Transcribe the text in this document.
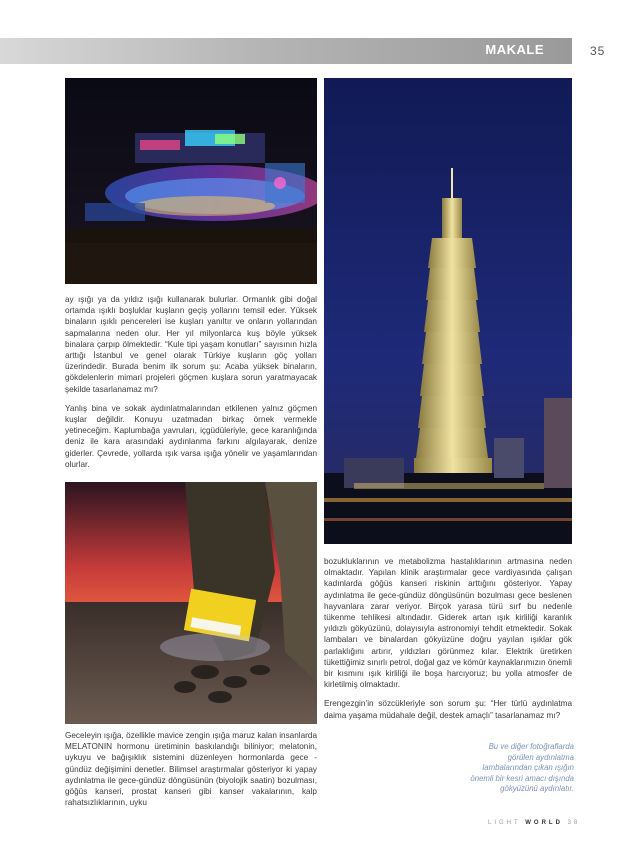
MAKALE	35

ay ışığı ya da yıldız ışığı kullanarak bulurlar. Ormanlık gibi doğal ortamda ışıklı boşluklar kuşların geçiş yollarını temsil eder. Yüksek binaların ışıklı pencereleri ise kuşları yanıltır ve onların yollarından sapmalarına neden olur. Her yıl milyonlarca kuş böyle yüksek binalara çarpıp ölmektedir. “Kule tipi yaşam konutları” sayısının hızla arttığı İstanbul ve genel olarak Türkiye kuşların göç yolları üzerindedir. Burada benim ilk sorum şu: Acaba yüksek binaların, gökdelenlerin mimari projeleri göçmen kuşlara sorun yaratmayacak şekilde tasarlanamaz mı?

Yanlış bina ve sokak aydınlatmalarından etkilenen yalnız göçmen kuşlar değildir. Konuyu uzatmadan birkaç örnek vermekle yetineceğim. Kaplumbağa yavruları, içgüdüleriyle, gece karanlığında deniz ile kara arasındaki aydınlanma farkını algılayarak, denize giderler. Çevrede, yollarda ışık varsa ışığa yönelir ve yaşamlarından olurlar.

Geceleyin ışığa, özellikle mavice zengin ışığa maruz kalan insanlarda MELATONIN hormonu üretiminin baskılandığı biliniyor; melatonin, uykuyu ve bağışıklık sistemini düzenleyen hormonlarda gece - gündüz değişimini denetler. Bilimsel araştırmalar gösteriyor ki yapay aydınlatma ile gece-gündüz döngüsünün (biyolojik saatin) bozulması, göğüs kanseri, prostat kanseri gibi kanser vakalarının, kalp rahatsızlıklarının, uyku

bozukluklarının ve metabolizma hastalıklarının artmasına neden olmaktadır. Yapılan klinik araştırmalar gece vardiyasında çalışan kadınlarda göğüs kanseri riskinin arttığını gösteriyor. Yapay aydınlatma ile gece-gündüz döngüsünün bozulması gece beslenen hayvanlara zarar veriyor. Birçok yarasa türü sırf bu nedenle tükenme tehlikesi altındadır. Giderek artan ışık kirliliği karanlık yıldızlı gökyüzünü, dolayısıyla astronomiyi tehdit etmektedir. Sokak lambaları ve binalardan gökyüzüne doğru yayılan ışıklar gök parlaklığını artırır, yıldızları görünmez kılar. Elektrik üretirken tükettiğimiz sınırlı petrol, doğal gaz ve kömür kaynaklarımızın önemli bir kısmını ışık kirliliği ile boşa harcıyoruz; bu yolla atmosfer de kirletilmiş olmaktadır.

Erengezgin’in sözcükleriyle son sorum şu: “Her türlü aydınlatma daima yaşama müdahale değil, destek amaçlı” tasarlanamaz mı?

Bu ve diğer fotoğraflarda görülen aydınlatma lambalarından çıkan ışığın önemli bir kesri amacı dışında gökyüzünü aydınlatır.
LIGHT WORLD 38
